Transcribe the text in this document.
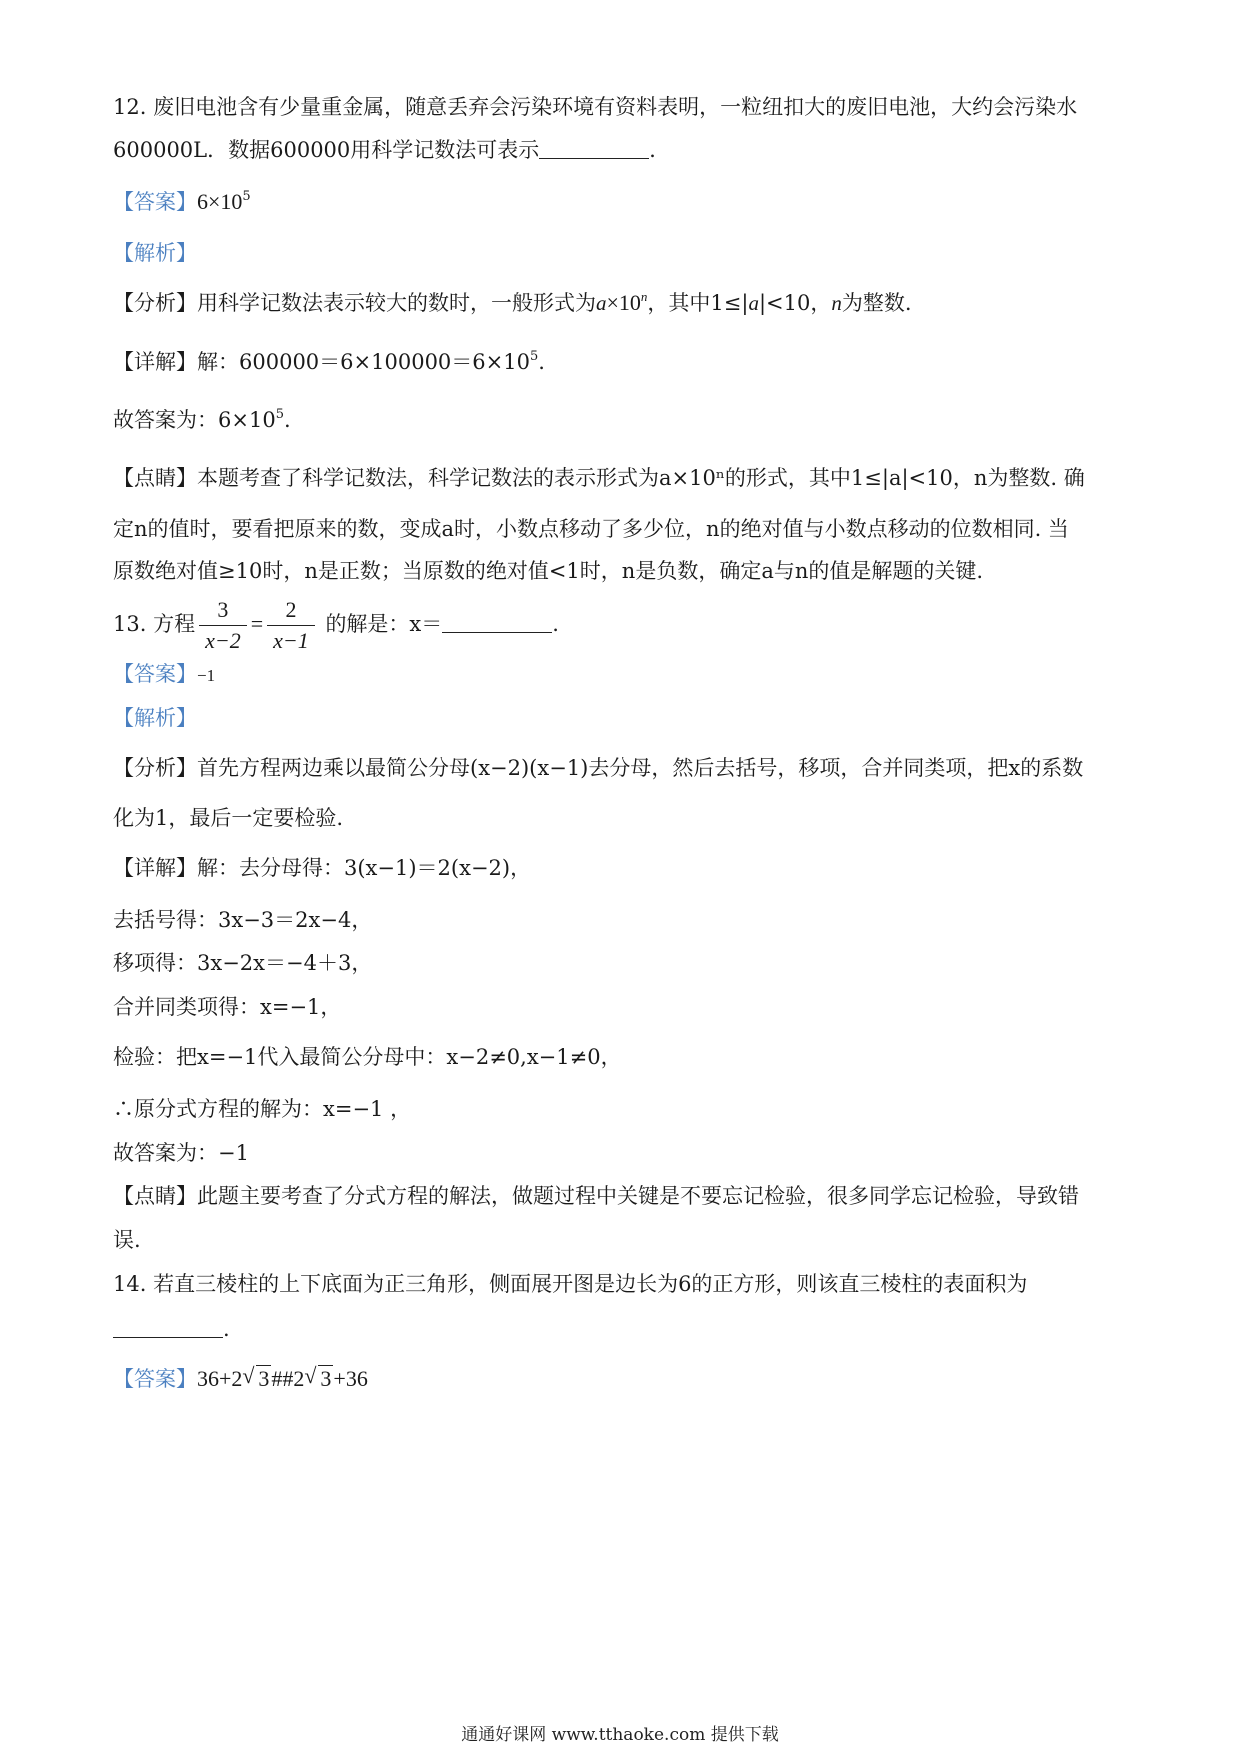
12. 废旧电池含有少量重金属，随意丢弃会污染环境有资料表明，一粒纽扣大的废旧电池，大约会污染水
600000L．数据600000用科学记数法可表示	．
【答案】$6\times 10^5$
【解析】
【分析】用科学记数法表示较大的数时，一般形式为$a\times 10^n$，其中1≤|a|<10，n为整数.
【详解】解：$600000=6\times 100000=6\times 10^5$.
故答案为：$6\times 10^5$.
【点睛】本题考查了科学记数法，科学记数法的表示形式为a×10ⁿ的形式，其中1≤|a|<10，n为整数. 确
定n的值时，要看把原来的数，变成a时，小数点移动了多少位，n的绝对值与小数点移动的位数相同. 当
原数绝对值≥10时，n是正数；当原数的绝对值<1时，n是负数，确定a与n的值是解题的关键.
13. 方程 $\frac{3}{x-2} = \frac{2}{x-1}$ 的解是：x＝	.
【答案】−1
【解析】
【分析】首先方程两边乘以最简公分母(x−2)(x−1)去分母，然后去括号，移项，合并同类项，把x的系数
化为1，最后一定要检验.
【详解】解：去分母得：3(x−1)＝2(x−2)，
去括号得：3x−3＝2x−4，
移项得：3x−2x＝−4＋3，
合并同类项得：x=−1，
检验：把x=−1代入最简公分母中：x−2≠0,x−1≠0，
∴原分式方程的解为：x=−1 ，
故答案为：−1
【点睛】此题主要考查了分式方程的解法，做题过程中关键是不要忘记检验，很多同学忘记检验，导致错
误.
14. 若直三棱柱的上下底面为正三角形，侧面展开图是边长为6的正方形，则该直三棱柱的表面积为
.
【答案】36+2 √ 3##2 √ 3+36
通通好课网 www.tthaoke.com 提供下载
